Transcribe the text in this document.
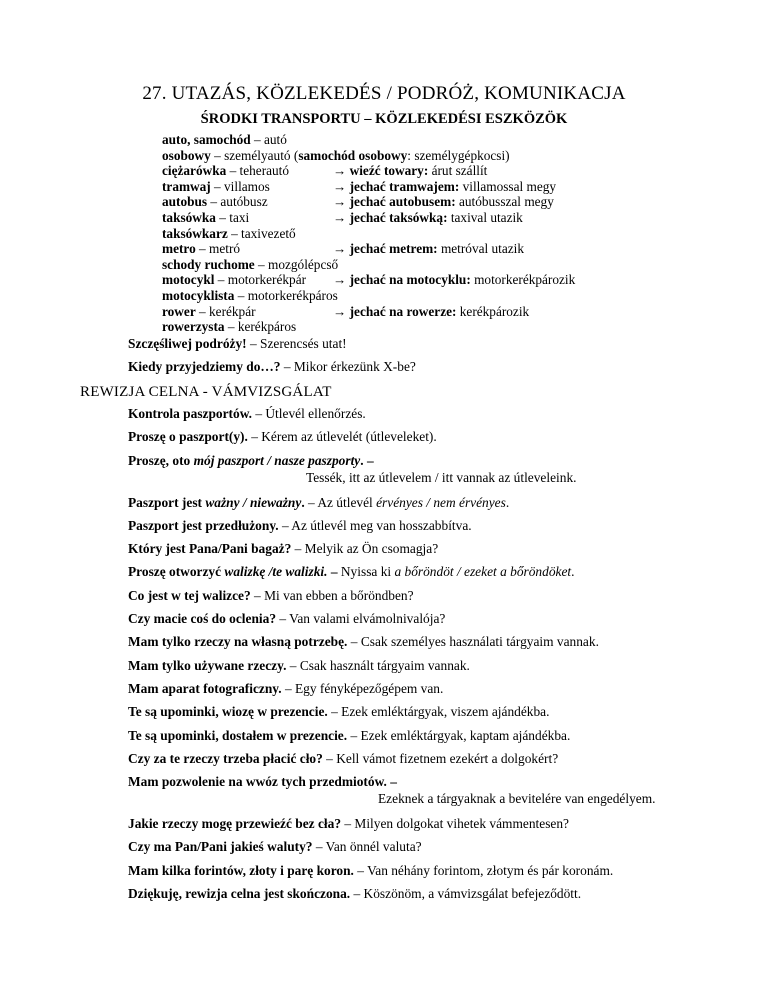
27. UTAZÁS, KÖZLEKEDÉS / PODRÓŻ, KOMUNIKACJA
ŚRODKI TRANSPORTU – KÖZLEKEDÉSI ESZKÖZÖK
auto, samochód – autó
osobowy – személyautó (samochód osobowy: személygépkocsi)
ciężarówka – teherautó	→ wieźć towary: árut szállít
tramwaj – villamos	→ jechać tramwajem: villamossal megy
autobus – autóbusz	→ jechać autobusem: autóbusszal megy
taksówka – taxi	→ jechać taksówką: taxival utazik
taksówkarz – taxivezető
metro – metró	→ jechać metrem: metróval utazik
schody ruchome – mozgólépcső
motocykl – motorkerékpár → jechać na motocyklu: motorkerékpározik
motocyklista – motorkerékpáros
rower – kerékpár	→ jechać na rowerze: kerékpározik
rowerzysta – kerékpáros
Szczęśliwej podróży! – Szerencsés utat!
Kiedy przyjedziemy do…? – Mikor érkezünk X-be?
REWIZJA CELNA - VÁMVIZSGÁLAT
Kontrola paszportów. – Útlevél ellenőrzés.
Proszę o paszport(y). – Kérem az útlevelét (útleveleket).
Proszę, oto mój paszport / nasze paszporty. –
Tessék, itt az útlevelem / itt vannak az útleveleink.
Paszport jest ważny / nieważny. – Az útlevél érvényes / nem érvényes.
Paszport jest przedłużony. – Az útlevél meg van hosszabbítva.
Który jest Pana/Pani bagaż? – Melyik az Ön csomagja?
Proszę otworzyć walizkę /te walizki. – Nyissa ki a bőröndöt / ezeket a bőröndöket.
Co jest w tej walizce? – Mi van ebben a bőröndben?
Czy macie coś do oclenia? – Van valami elvámolnivalója?
Mam tylko rzeczy na własną potrzebę. – Csak személyes használati tárgyaim vannak.
Mam tylko używane rzeczy. – Csak használt tárgyaim vannak.
Mam aparat fotograficzny. – Egy fényképezőgépem van.
Te są upominki, wiozę w prezencie. – Ezek emléktárgyak, viszem ajándékba.
Te są upominki, dostałem w prezencie. – Ezek emléktárgyak, kaptam ajándékba.
Czy za te rzeczy trzeba płacić cło? – Kell vámot fizetnem ezekért a dolgokért?
Mam pozwolenie na wwóz tych przedmiotów. –
Ezeknek a tárgyaknak a bevitelére van engedélyem.
Jakie rzeczy mogę przewieźć bez cła? – Milyen dolgokat vihetek vámmentesen?
Czy ma Pan/Pani jakieś waluty? – Van önnél valuta?
Mam kilka forintów, złoty i parę koron. – Van néhány forintom, złotym és pár koronám.
Dziękuję, rewizja celna jest skończona. – Köszönöm, a vámvizsgálat befejeződött.
